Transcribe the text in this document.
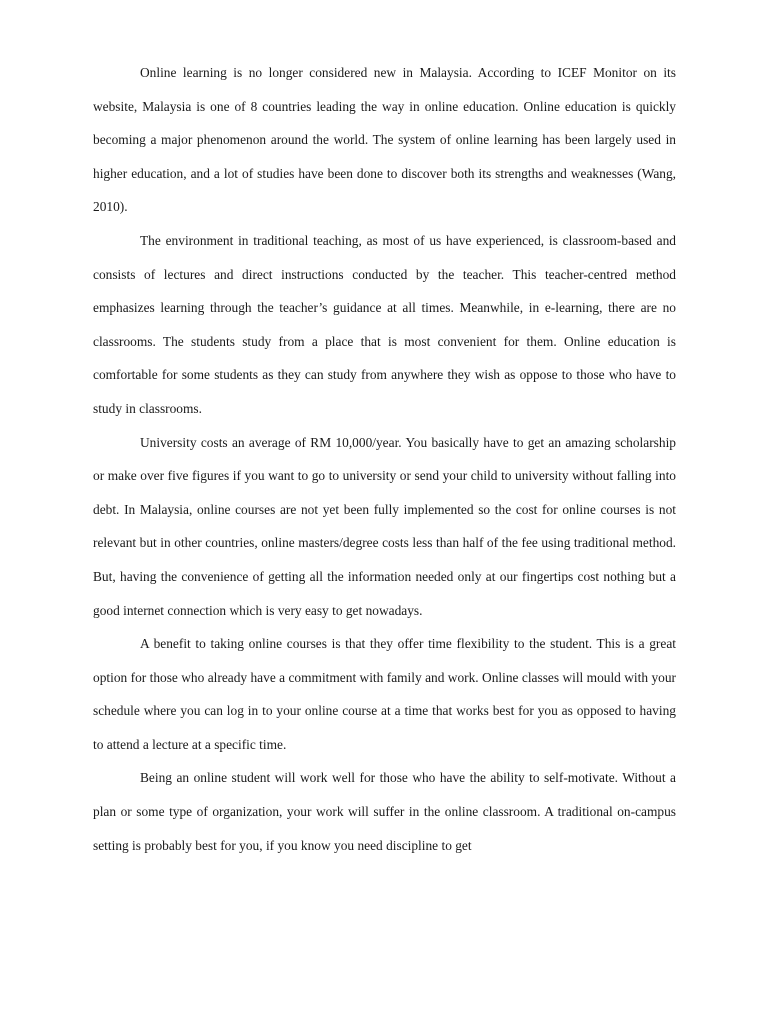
Online learning is no longer considered new in Malaysia. According to ICEF Monitor on its website, Malaysia is one of 8 countries leading the way in online education. Online education is quickly becoming a major phenomenon around the world. The system of online learning has been largely used in higher education, and a lot of studies have been done to discover both its strengths and weaknesses (Wang, 2010).

The environment in traditional teaching, as most of us have experienced, is classroom-based and consists of lectures and direct instructions conducted by the teacher. This teacher-centred method emphasizes learning through the teacher’s guidance at all times. Meanwhile, in e-learning, there are no classrooms. The students study from a place that is most convenient for them. Online education is comfortable for some students as they can study from anywhere they wish as oppose to those who have to study in classrooms.

University costs an average of RM 10,000/year. You basically have to get an amazing scholarship or make over five figures if you want to go to university or send your child to university without falling into debt. In Malaysia, online courses are not yet been fully implemented so the cost for online courses is not relevant but in other countries, online masters/degree costs less than half of the fee using traditional method. But, having the convenience of getting all the information needed only at our fingertips cost nothing but a good internet connection which is very easy to get nowadays.

A benefit to taking online courses is that they offer time flexibility to the student. This is a great option for those who already have a commitment with family and work. Online classes will mould with your schedule where you can log in to your online course at a time that works best for you as opposed to having to attend a lecture at a specific time.

Being an online student will work well for those who have the ability to self-motivate. Without a plan or some type of organization, your work will suffer in the online classroom. A traditional on-campus setting is probably best for you, if you know you need discipline to get
